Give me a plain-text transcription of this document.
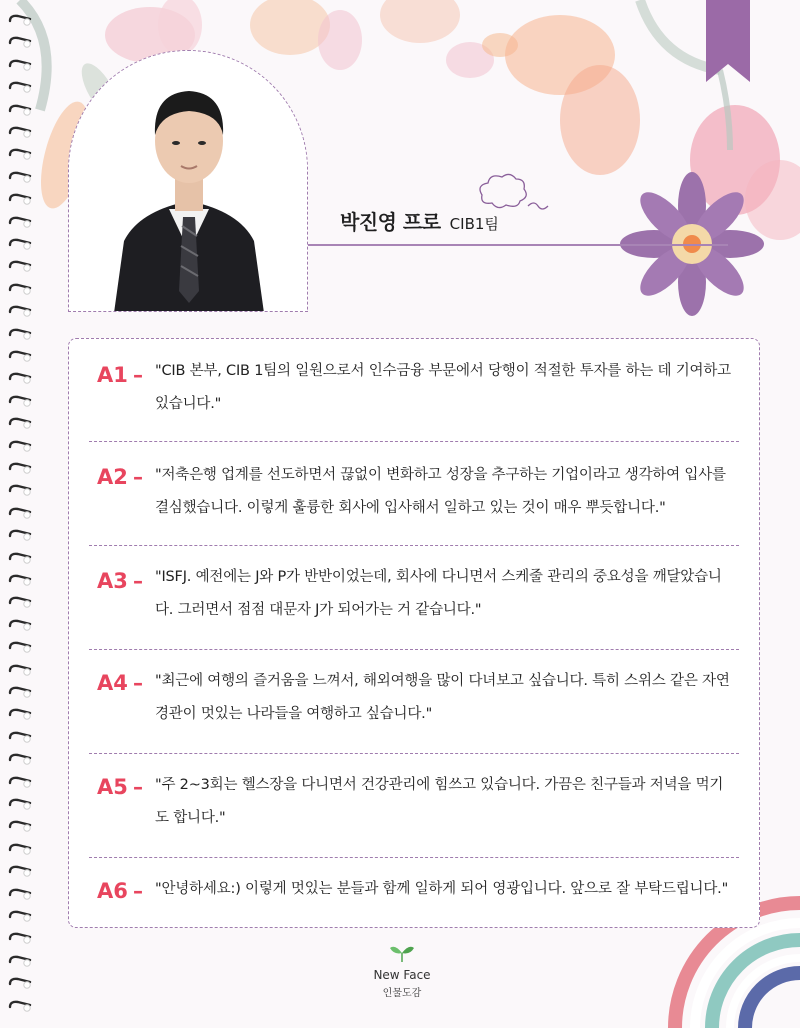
박진영 프로 CIB1팀
A1 – "CIB 본부, CIB 1팀의 일원으로서 인수금융 부문에서 당행이 적절한 투자를 하는 데 기여하고 있습니다."
A2 – "저축은행 업계를 선도하면서 끊없이 변화하고 성장을 추구하는 기업이라고 생각하여 입사를 결심했습니다. 이렇게 훌륭한 회사에 입사해서 일하고 있는 것이 매우 뿌듯합니다."
A3 – "ISFJ. 예전에는 J와 P가 반반이었는데, 회사에 다니면서 스케줄 관리의 중요성을 깨달았습니다. 그러면서 점점 대문자 J가 되어가는 거 같습니다."
A4 – "최근에 여행의 즐거움을 느껴서, 해외여행을 많이 다녀보고 싶습니다. 특히 스위스 같은 자연경관이 멋있는 나라들을 여행하고 싶습니다."
A5 – "주 2~3회는 헬스장을 다니면서 건강관리에 힘쓰고 있습니다. 가끔은 친구들과 저녁을 먹기도 합니다."
A6 – "안녕하세요:) 이렇게 멋있는 분들과 함께 일하게 되어 영광입니다. 앞으로 잘 부탁드립니다."
New Face
인물도감
